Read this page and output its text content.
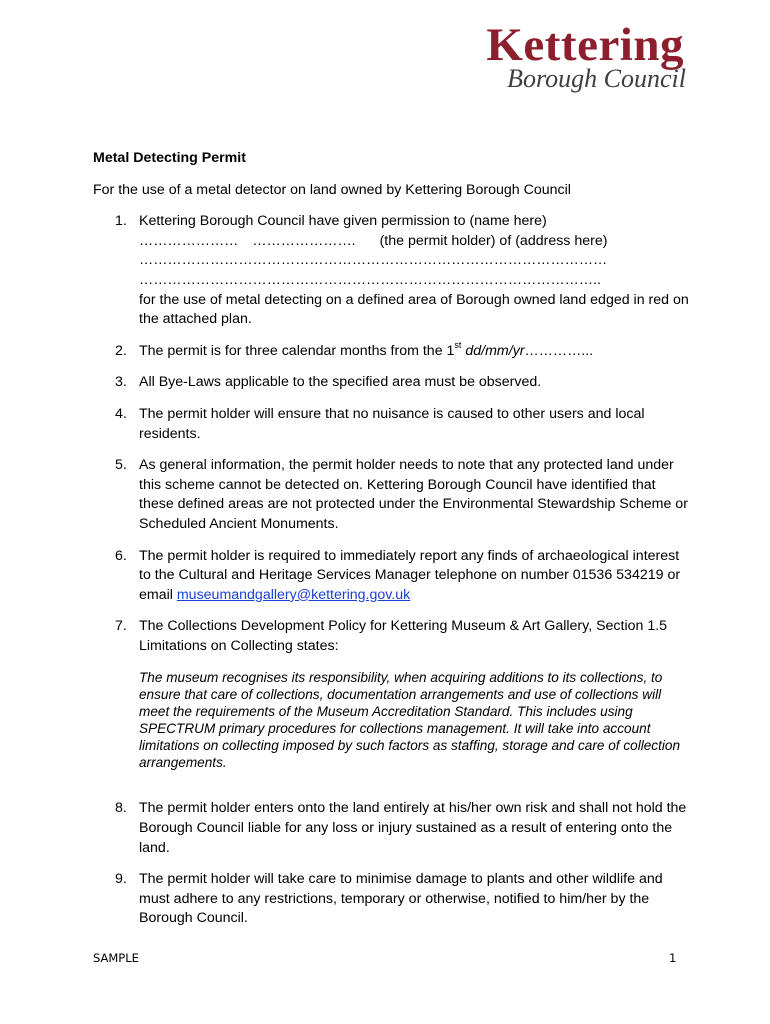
Kettering
Borough Council

Metal Detecting Permit

For the use of a metal detector on land owned by Kettering Borough Council

1. Kettering Borough Council have given permission to (name here)
………………… …………………. (the permit holder) of (address here)
………………………………………………………………………………………
……………………………………………………………………………………..
for the use of metal detecting on a defined area of Borough owned land edged in red on the attached plan.
2. The permit is for three calendar months from the 1st dd/mm/yr…………...
3. All Bye-Laws applicable to the specified area must be observed.
4. The permit holder will ensure that no nuisance is caused to other users and local residents.
5. As general information, the permit holder needs to note that any protected land under this scheme cannot be detected on. Kettering Borough Council have identified that these defined areas are not protected under the Environmental Stewardship Scheme or Scheduled Ancient Monuments.
6. The permit holder is required to immediately report any finds of archaeological interest to the Cultural and Heritage Services Manager telephone on number 01536 534219 or email museumandgallery@kettering.gov.uk
7. The Collections Development Policy for Kettering Museum & Art Gallery, Section 1.5 Limitations on Collecting states:
The museum recognises its responsibility, when acquiring additions to its collections, to ensure that care of collections, documentation arrangements and use of collections will meet the requirements of the Museum Accreditation Standard. This includes using SPECTRUM primary procedures for collections management. It will take into account limitations on collecting imposed by such factors as staffing, storage and care of collection arrangements.
8. The permit holder enters onto the land entirely at his/her own risk and shall not hold the Borough Council liable for any loss or injury sustained as a result of entering onto the land.
9. The permit holder will take care to minimise damage to plants and other wildlife and must adhere to any restrictions, temporary or otherwise, notified to him/her by the Borough Council.
SAMPLE	1
